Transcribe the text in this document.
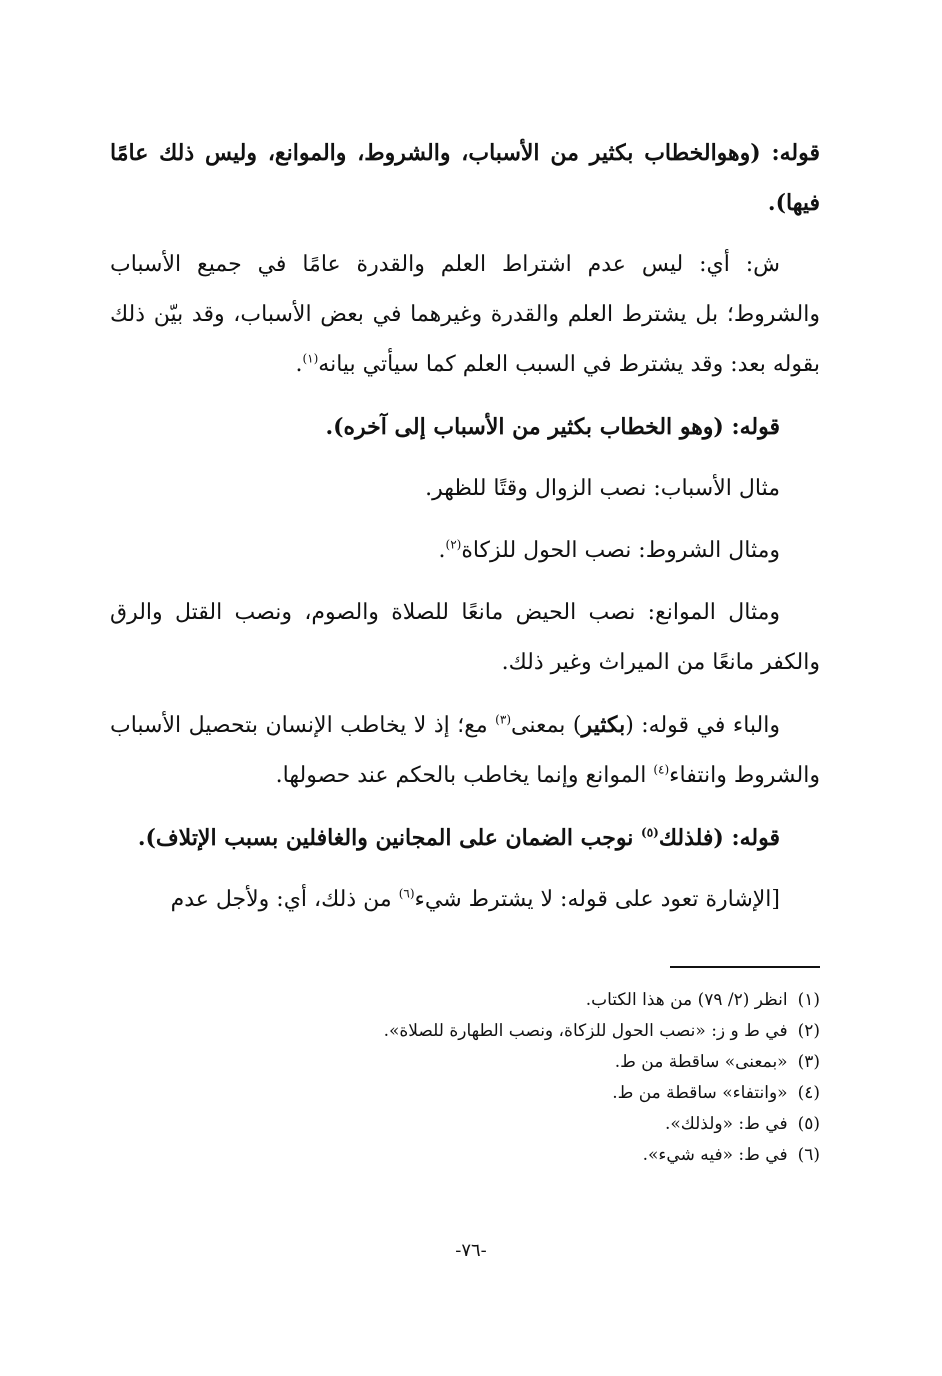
قوله: (وهوالخطاب بكثير من الأسباب، والشروط، والموانع، وليس ذلك عامًا فيها).

ش: أي: ليس عدم اشتراط العلم والقدرة عامًا في جميع الأسباب والشروط؛ بل يشترط العلم والقدرة وغيرهما في بعض الأسباب، وقد بيّن ذلك بقوله بعد: وقد يشترط في السبب العلم كما سيأتي بيانه$^{(١)}$.

قوله: (وهو الخطاب بكثير من الأسباب إلى آخره).

مثال الأسباب: نصب الزوال وقتًا للظهر.

ومثال الشروط: نصب الحول للزكاة$^{(٢)}$.

ومثال الموانع: نصب الحيض مانعًا للصلاة والصوم، ونصب القتل والرق والكفر مانعًا من الميراث وغير ذلك.

والباء في قوله: (بكثير) بمعنى$^{(٣)}$ مع؛ إذ لا يخاطب الإنسان بتحصيل الأسباب والشروط وانتفاء$^{(٤)}$ الموانع وإنما يخاطب بالحكم عند حصولها.

قوله: (فلذلك$^{(٥)}$ نوجب الضمان على المجانين والغافلين بسبب الإتلاف).

[الإشارة تعود على قوله: لا يشترط شيء$^{(٦)}$ من ذلك، أي: ولأجل عدم

(١)انظر (٢/ ٧٩) من هذا الكتاب.
(٢)في ط و ز: «نصب الحول للزكاة، ونصب الطهارة للصلاة».
(٣)«بمعنى» ساقطة من ط.
(٤)«وانتفاء» ساقطة من ط.
(٥)في ط: «ولذلك».
(٦)في ط: «فيه شيء».
-٧٦-
